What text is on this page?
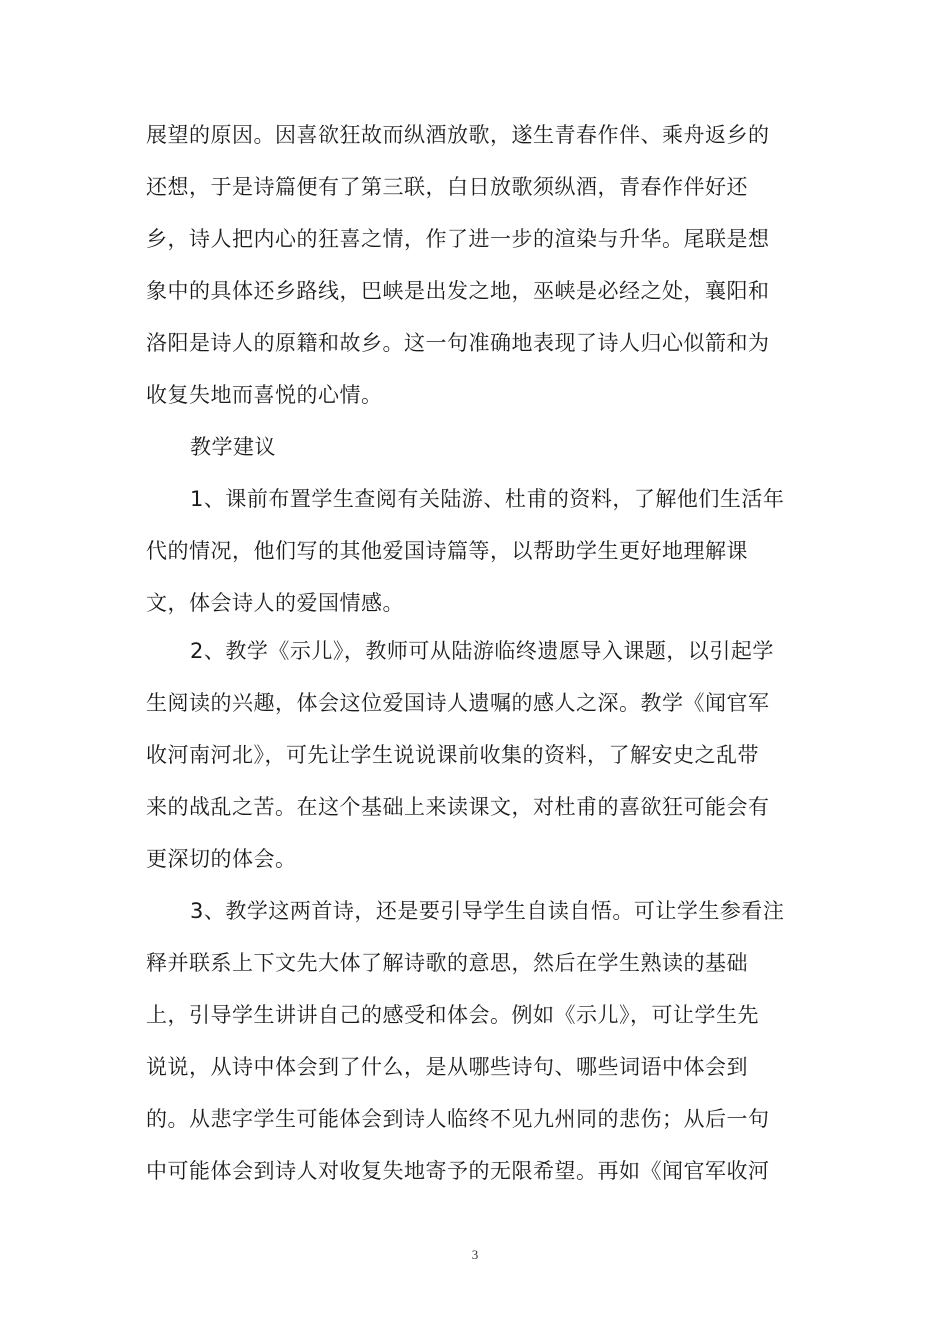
展望的原因。因喜欲狂故而纵酒放歌，遂生青春作伴、乘舟返乡的
还想，于是诗篇便有了第三联，白日放歌须纵酒，青春作伴好还
乡，诗人把内心的狂喜之情，作了进一步的渲染与升华。尾联是想
象中的具体还乡路线，巴峡是出发之地，巫峡是必经之处，襄阳和
洛阳是诗人的原籍和故乡。这一句准确地表现了诗人归心似箭和为
收复失地而喜悦的心情。
教学建议
1、课前布置学生查阅有关陆游、杜甫的资料，了解他们生活年
代的情况，他们写的其他爱国诗篇等，以帮助学生更好地理解课
文，体会诗人的爱国情感。
2、教学《示儿》，教师可从陆游临终遗愿导入课题，以引起学
生阅读的兴趣，体会这位爱国诗人遗嘱的感人之深。教学《闻官军
收河南河北》，可先让学生说说课前收集的资料，了解安史之乱带
来的战乱之苦。在这个基础上来读课文，对杜甫的喜欲狂可能会有
更深切的体会。
3、教学这两首诗，还是要引导学生自读自悟。可让学生参看注
释并联系上下文先大体了解诗歌的意思，然后在学生熟读的基础
上，引导学生讲讲自己的感受和体会。例如《示儿》，可让学生先
说说，从诗中体会到了什么，是从哪些诗句、哪些词语中体会到
的。从悲字学生可能体会到诗人临终不见九州同的悲伤；从后一句
中可能体会到诗人对收复失地寄予的无限希望。再如《闻官军收河
3
